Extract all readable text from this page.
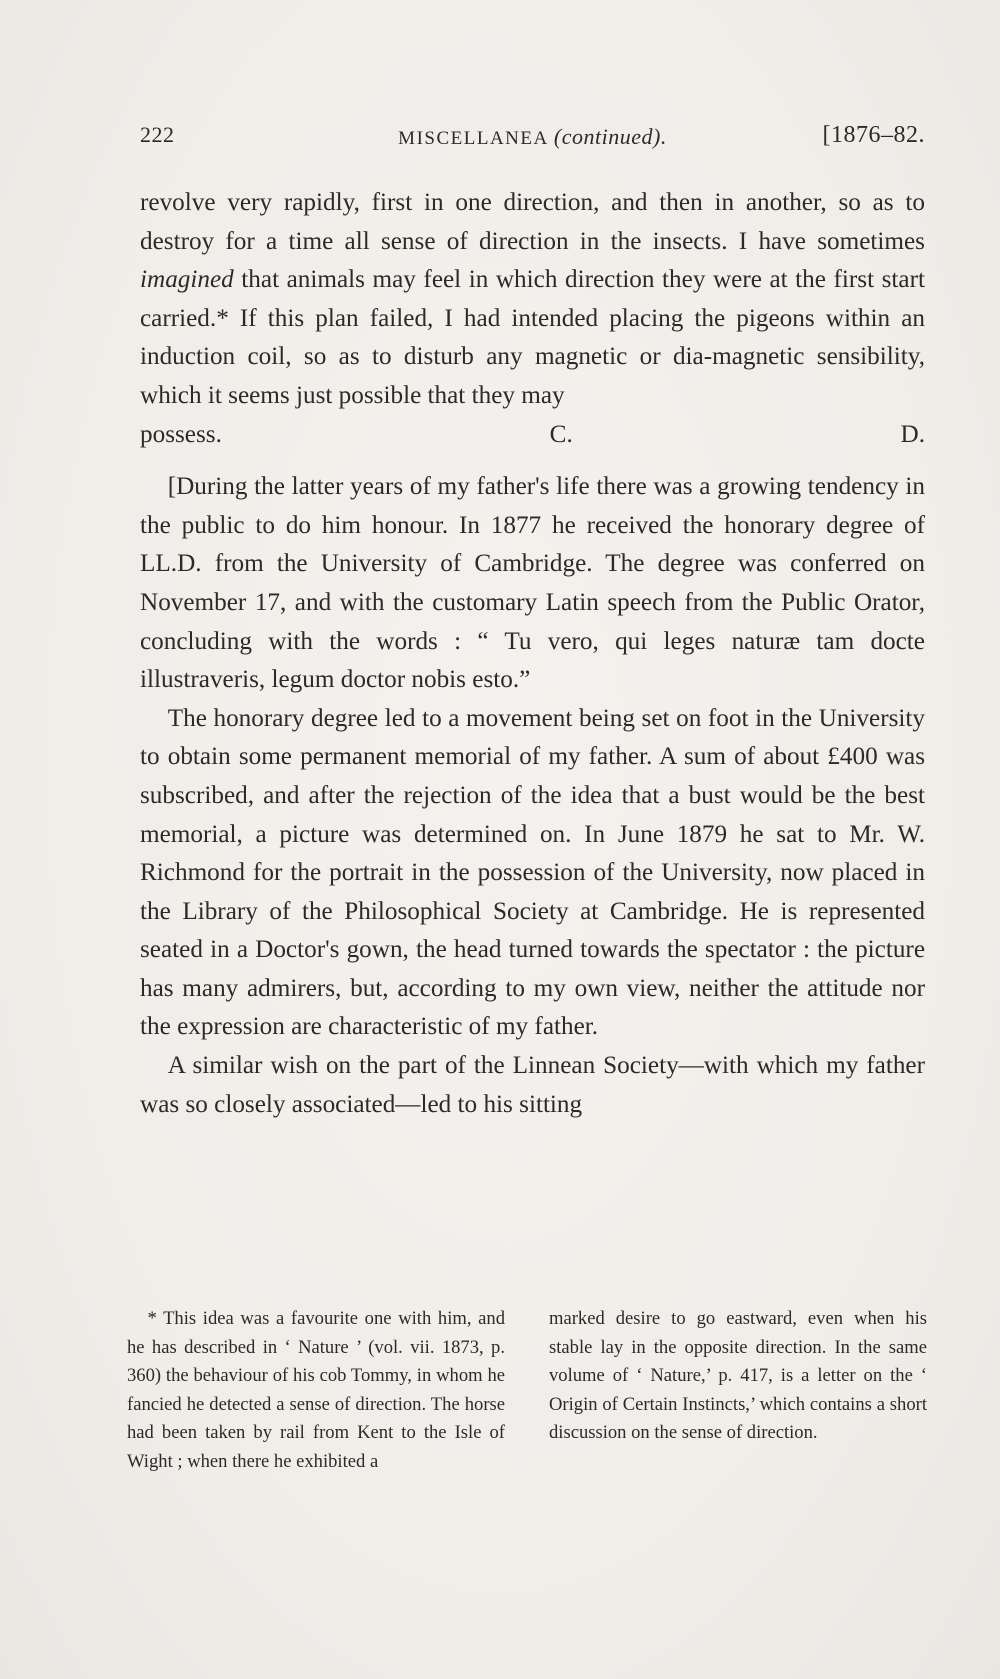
222	MISCELLANEA (continued).	[1876–82.

revolve very rapidly, first in one direction, and then in another, so as to destroy for a time all sense of direction in the insects. I have sometimes imagined that animals may feel in which direction they were at the first start carried.* If this plan failed, I had intended placing the pigeons within an induction coil, so as to disturb any magnetic or dia-magnetic sensibility, which it seems just possible that they may

possess.	C. D.

[During the latter years of my father's life there was a growing tendency in the public to do him honour. In 1877 he received the honorary degree of LL.D. from the University of Cambridge. The degree was conferred on November 17, and with the customary Latin speech from the Public Orator, concluding with the words : “ Tu vero, qui leges naturæ tam docte illustraveris, legum doctor nobis esto.”

The honorary degree led to a movement being set on foot in the University to obtain some permanent memorial of my father. A sum of about £400 was subscribed, and after the rejection of the idea that a bust would be the best memorial, a picture was determined on. In June 1879 he sat to Mr. W. Richmond for the portrait in the possession of the University, now placed in the Library of the Philosophical Society at Cambridge. He is represented seated in a Doctor's gown, the head turned towards the spectator : the picture has many admirers, but, according to my own view, neither the attitude nor the expression are characteristic of my father.

A similar wish on the part of the Linnean Society—with which my father was so closely associated—led to his sitting

* This idea was a favourite one with him, and he has described in ‘ Nature ’ (vol. vii. 1873, p. 360) the behaviour of his cob Tommy, in whom he fancied he detected a sense of direction. The horse had been taken by rail from Kent to the Isle of Wight ; when there he exhibited a

marked desire to go eastward, even when his stable lay in the opposite direction. In the same volume of ‘ Nature,’ p. 417, is a letter on the ‘ Origin of Certain Instincts,’ which contains a short discussion on the sense of direction.
